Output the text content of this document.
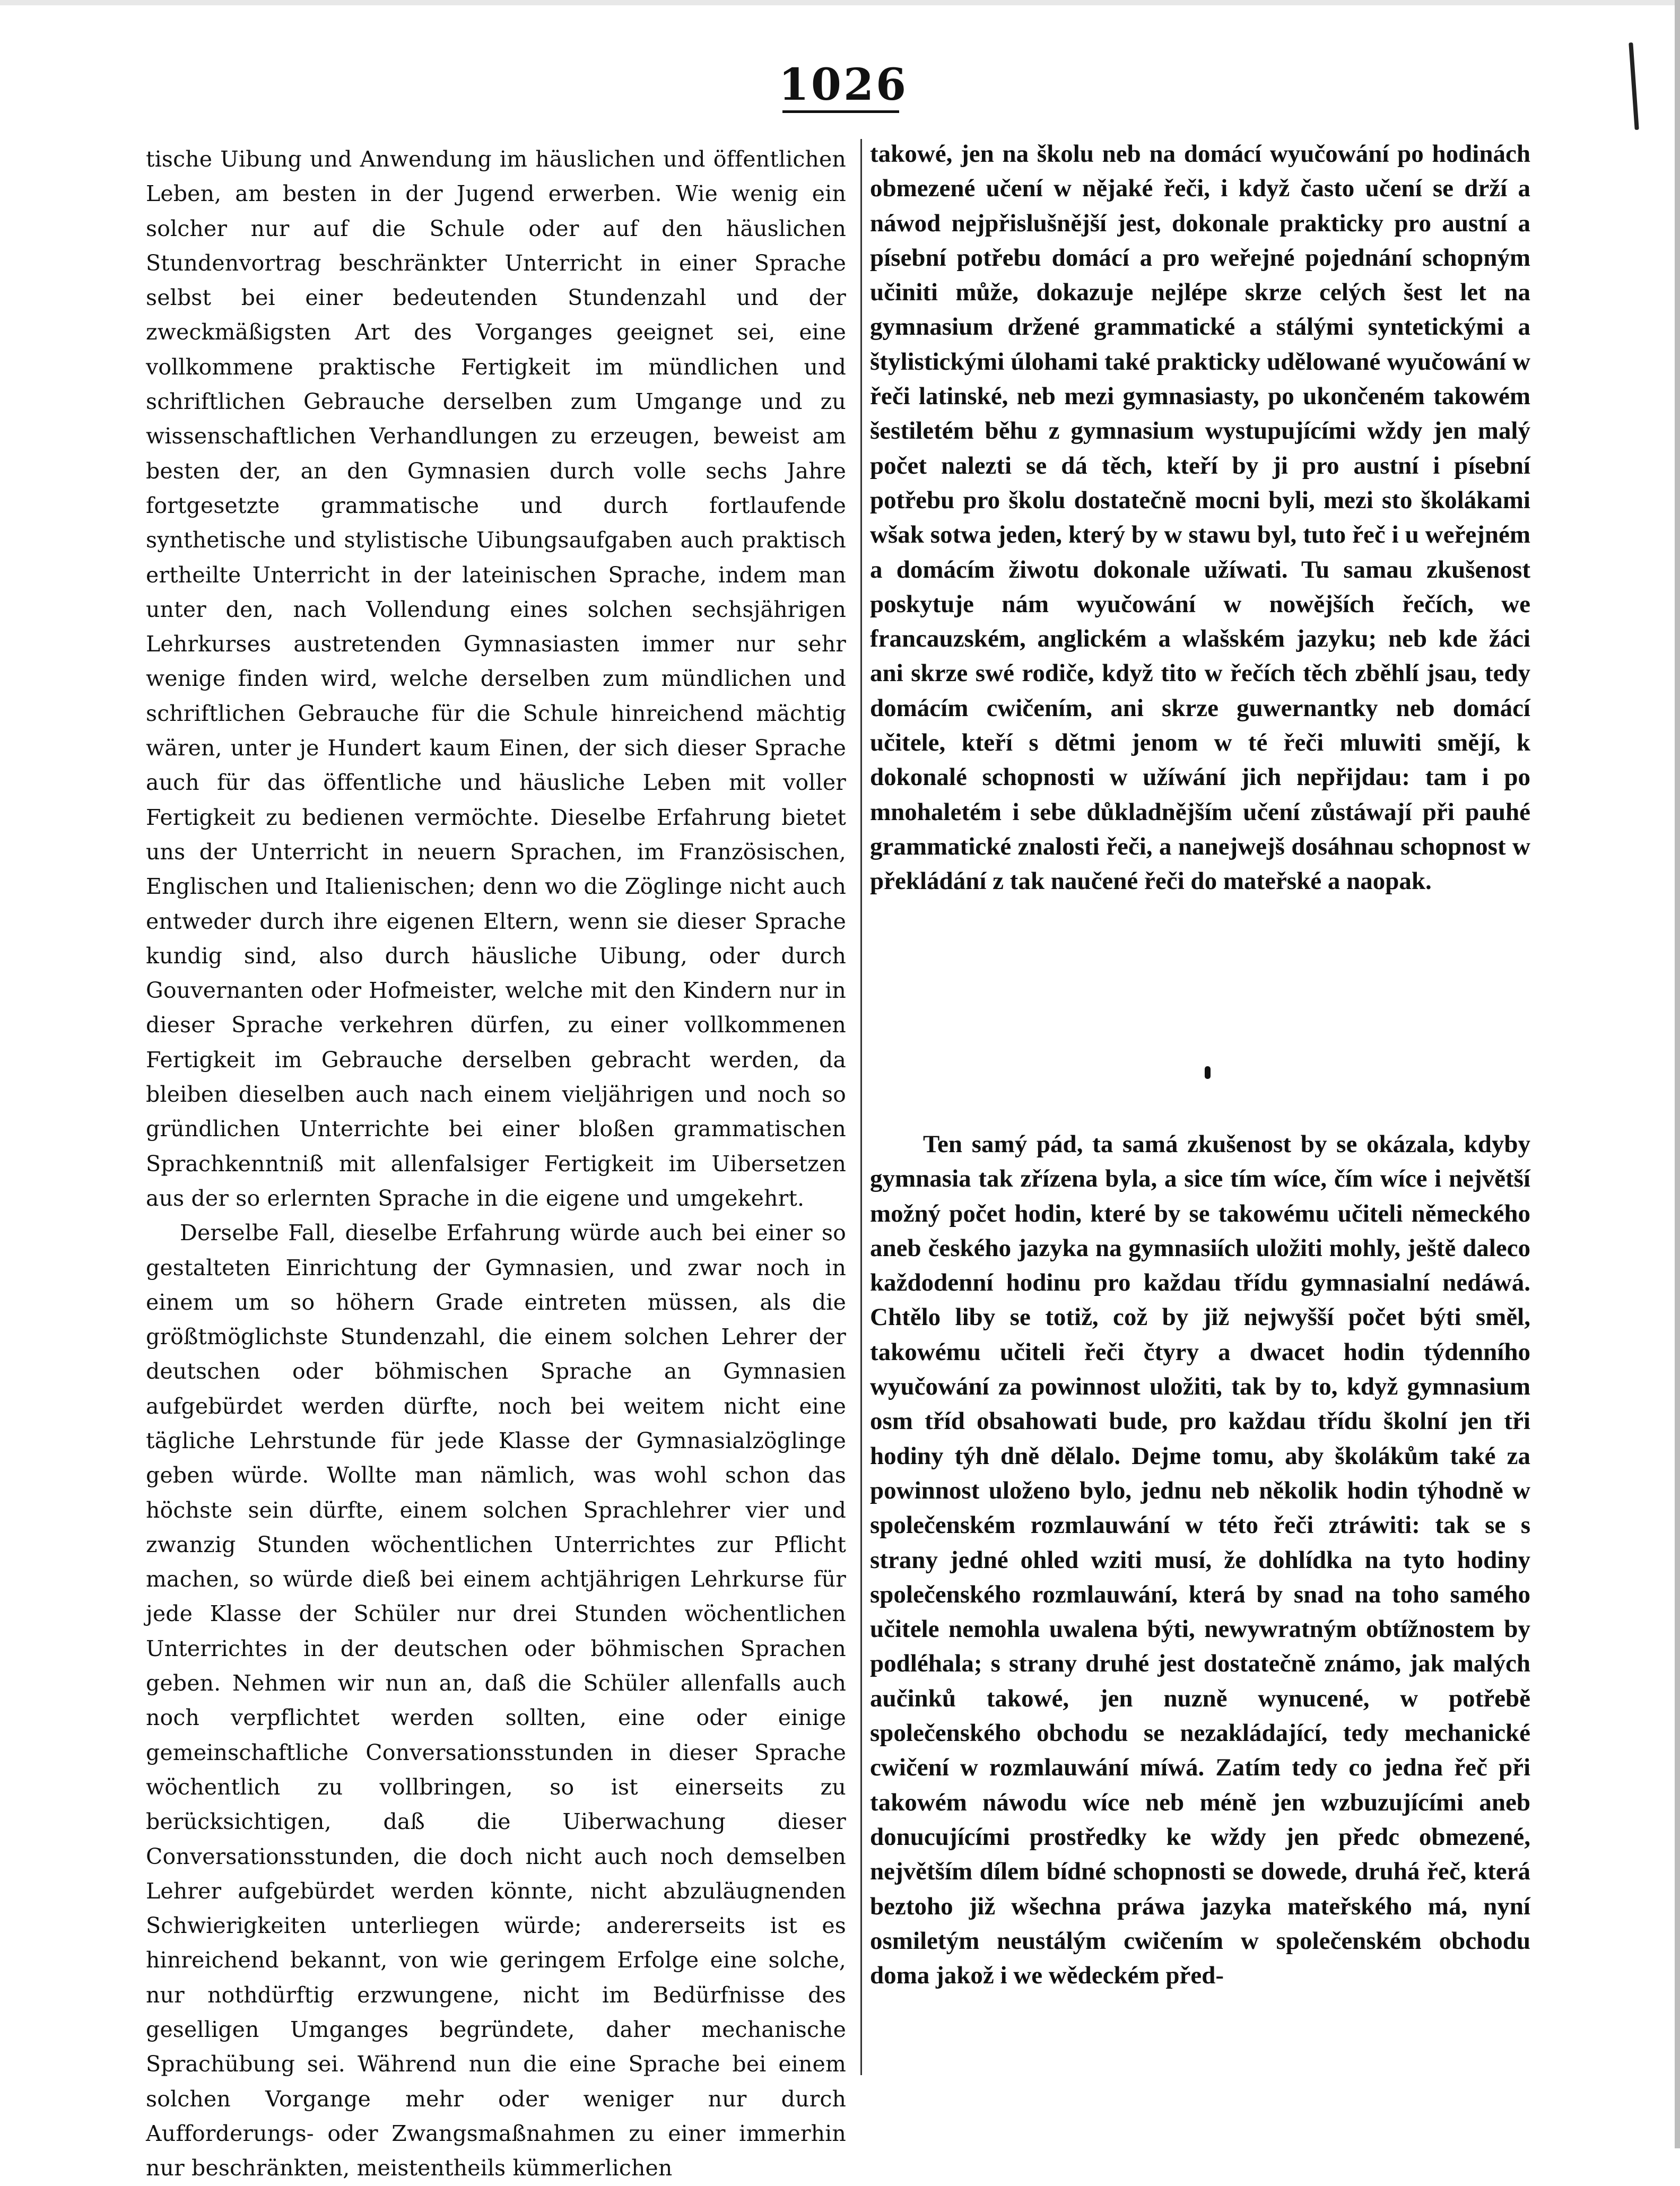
1026

tische Uibung und Anwendung im häuslichen und öffentlichen Leben, am besten in der Jugend erwerben. Wie wenig ein solcher nur auf die Schule oder auf den häuslichen Stundenvortrag beschränkter Unterricht in einer Sprache selbst bei einer bedeutenden Stundenzahl und der zweckmäßigsten Art des Vorganges geeignet sei, eine vollkommene praktische Fertigkeit im mündlichen und schriftlichen Gebrauche derselben zum Umgange und zu wissenschaftlichen Verhandlungen zu erzeugen, beweist am besten der, an den Gymnasien durch volle sechs Jahre fortgesetzte grammatische und durch fortlaufende synthetische und stylistische Uibungsaufgaben auch praktisch ertheilte Unterricht in der lateinischen Sprache, indem man unter den, nach Vollendung eines solchen sechsjährigen Lehrkurses austretenden Gymnasiasten immer nur sehr wenige finden wird, welche derselben zum mündlichen und schriftlichen Gebrauche für die Schule hinreichend mächtig wären, unter je Hundert kaum Einen, der sich dieser Sprache auch für das öffentliche und häusliche Leben mit voller Fertigkeit zu bedienen vermöchte. Dieselbe Erfahrung bietet uns der Unterricht in neuern Sprachen, im Französischen, Englischen und Italienischen; denn wo die Zöglinge nicht auch entweder durch ihre eigenen Eltern, wenn sie dieser Sprache kundig sind, also durch häusliche Uibung, oder durch Gouvernanten oder Hofmeister, welche mit den Kindern nur in dieser Sprache verkehren dürfen, zu einer vollkommenen Fertigkeit im Gebrauche derselben gebracht werden, da bleiben dieselben auch nach einem vieljährigen und noch so gründlichen Unterrichte bei einer bloßen grammatischen Sprachkenntniß mit allenfalsiger Fertigkeit im Uibersetzen aus der so erlernten Sprache in die eigene und umgekehrt.

Derselbe Fall, dieselbe Erfahrung würde auch bei einer so gestalteten Einrichtung der Gymnasien, und zwar noch in einem um so höhern Grade eintreten müssen, als die größtmöglichste Stundenzahl, die einem solchen Lehrer der deutschen oder böhmischen Sprache an Gymnasien aufgebürdet werden dürfte, noch bei weitem nicht eine tägliche Lehrstunde für jede Klasse der Gymnasialzöglinge geben würde. Wollte man nämlich, was wohl schon das höchste sein dürfte, einem solchen Sprachlehrer vier und zwanzig Stunden wöchentlichen Unterrichtes zur Pflicht machen, so würde dieß bei einem achtjährigen Lehrkurse für jede Klasse der Schüler nur drei Stunden wöchentlichen Unterrichtes in der deutschen oder böhmischen Sprachen geben. Nehmen wir nun an, daß die Schüler allenfalls auch noch verpflichtet werden sollten, eine oder einige gemeinschaftliche Conversationsstunden in dieser Sprache wöchentlich zu vollbringen, so ist einerseits zu berücksichtigen, daß die Uiberwachung dieser Conversationsstunden, die doch nicht auch noch demselben Lehrer aufgebürdet werden könnte, nicht abzuläugnenden Schwierigkeiten unterliegen würde; andererseits ist es hinreichend bekannt, von wie geringem Erfolge eine solche, nur nothdürftig erzwungene, nicht im Bedürfnisse des geselligen Umganges begründete, daher mechanische Sprachübung sei. Während nun die eine Sprache bei einem solchen Vorgange mehr oder weniger nur durch Aufforderungs- oder Zwangsmaßnahmen zu einer immerhin nur beschränkten, meistentheils kümmerlichen

takowé, jen na školu neb na domácí wyučowání po hodinách obmezené učení w nějaké řeči, i když často učení se drží a náwod nejpřislušnější jest, dokonale prakticky pro austní a písební potřebu domácí a pro weřejné pojednání schopným učiniti může, dokazuje nejlépe skrze celých šest let na gymnasium držené grammatické a stálými syntetickými a štylistickými úlohami také prakticky udělowané wyučowání w řeči latinské, neb mezi gymnasiasty, po ukončeném takowém šestiletém běhu z gymnasium wystupujícími wždy jen malý počet nalezti se dá těch, kteří by ji pro austní i písební potřebu pro školu dostatečně mocni byli, mezi sto školákami wšak sotwa jeden, který by w stawu byl, tuto řeč i u weřejném a domácím žiwotu dokonale užíwati. Tu samau zkušenost poskytuje nám wyučowání w nowějších řečích, we francauzském, anglickém a wlašském jazyku; neb kde žáci ani skrze swé rodiče, když tito w řečích těch zběhlí jsau, tedy domácím cwičením, ani skrze guwernantky neb domácí učitele, kteří s dětmi jenom w té řeči mluwiti smějí, k dokonalé schopnosti w užíwání jich nepřijdau: tam i po mnohaletém i sebe důkladnějším učení zůstáwají při pauhé grammatické znalosti řeči, a nanejwejš dosáhnau schopnost w překládání z tak naučené řeči do mateřské a naopak.

Ten samý pád, ta samá zkušenost by se okázala, kdyby gymnasia tak zřízena byla, a sice tím wíce, čím wíce i největší možný počet hodin, které by se takowému učiteli německého aneb českého jazyka na gymnasiích uložiti mohly, ještě daleco každodenní hodinu pro každau třídu gymnasialní nedáwá. Chtělo liby se totiž, což by již nejwyšší počet býti směl, takowému učiteli řeči čtyry a dwacet hodin týdenního wyučowání za powinnost uložiti, tak by to, když gymnasium osm tříd obsahowati bude, pro každau třídu školní jen tři hodiny týh dně dělalo. Dejme tomu, aby školákům také za powinnost uloženo bylo, jednu neb několik hodin týhodně w společenském rozmlauwání w této řeči ztráwiti: tak se s strany jedné ohled wziti musí, že dohlídka na tyto hodiny společenského rozmlauwání, která by snad na toho samého učitele nemohla uwalena býti, newywratným obtížnostem by podléhala; s strany druhé jest dostatečně známo, jak malých aučinků takowé, jen nuzně wynucené, w potřebě společenského obchodu se nezakládající, tedy mechanické cwičení w rozmlauwání míwá. Zatím tedy co jedna řeč při takowém náwodu wíce neb méně jen wzbuzujícími aneb donucujícími prostředky ke wždy jen předc obmezené, největším dílem bídné schopnosti se dowede, druhá řeč, která beztoho již wšechna práwa jazyka mateřského má, nyní osmiletým neustálým cwičením w společenském obchodu doma jakož i we wědeckém před-
